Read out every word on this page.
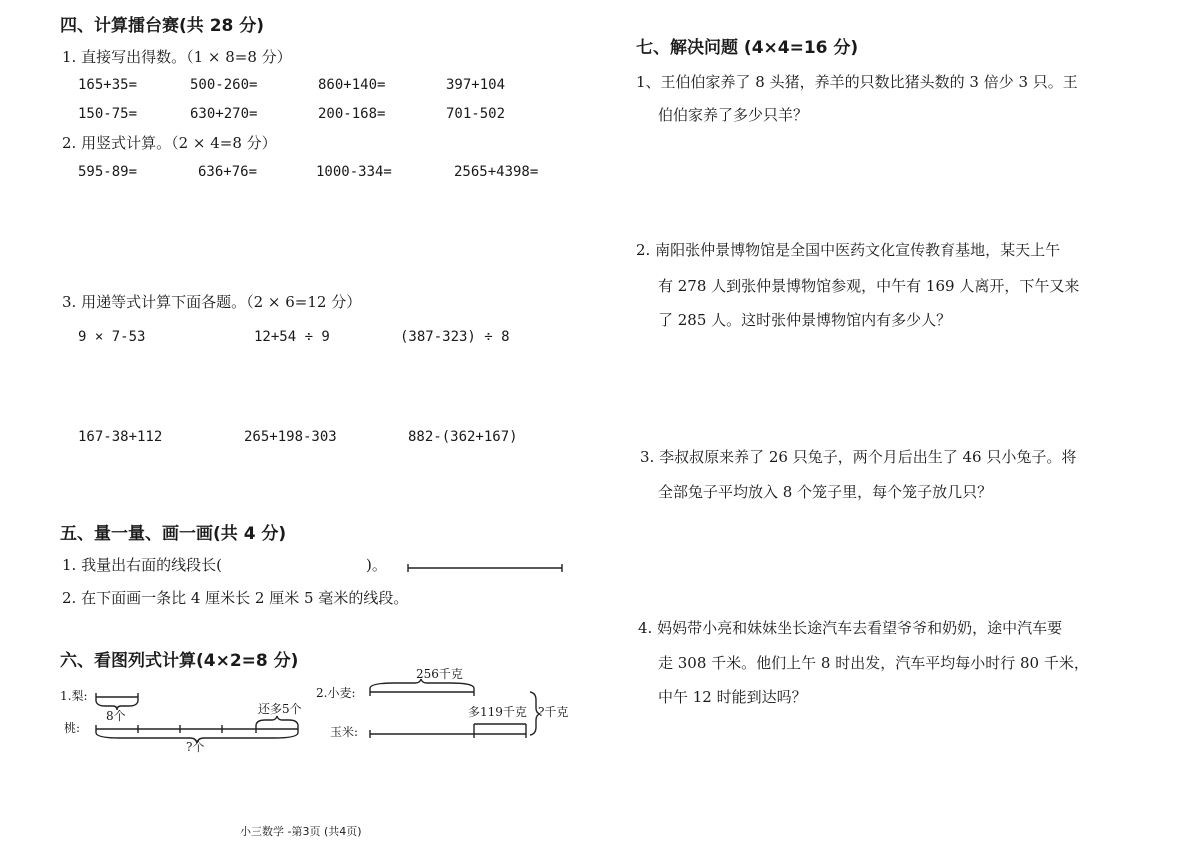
四、计算擂台赛(共 28 分)
1. 直接写出得数。（1 × 8=8 分）
165+35=	500-260=	860+140=	397+104
150-75=	630+270=	200-168=	701-502
2. 用竖式计算。（2 × 4=8 分）
595-89=	636+76=	1000-334=	2565+4398=
3. 用递等式计算下面各题。（2 × 6=12 分）
9 × 7-53	12+54 ÷ 9	(387-323) ÷ 8
167-38+112	265+198-303	882-(362+167)
五、量一量、画一画(共 4 分)
1. 我量出右面的线段长(	)。
2. 在下面画一条比 4 厘米长 2 厘米 5 毫米的线段。
六、看图列式计算(4×2=8 分)
1.梨:
桃:
8个	还多5个
?个
2.小麦:
玉米:
256千克
多119千克 ?千克
小三数学 -第3页 (共4页)
七、解决问题 (4×4=16 分)
1、王伯伯家养了 8 头猪，养羊的只数比猪头数的 3 倍少 3 只。王
伯伯家养了多少只羊？
2. 南阳张仲景博物馆是全国中医药文化宣传教育基地，某天上午
有 278 人到张仲景博物馆参观，中午有 169 人离开，下午又来
了 285 人。这时张仲景博物馆内有多少人？
3. 李叔叔原来养了 26 只兔子，两个月后出生了 46 只小兔子。将
全部兔子平均放入 8 个笼子里，每个笼子放几只？
4. 妈妈带小亮和妹妹坐长途汽车去看望爷爷和奶奶，途中汽车要
走 308 千米。他们上午 8 时出发，汽车平均每小时行 80 千米，
中午 12 时能到达吗？
